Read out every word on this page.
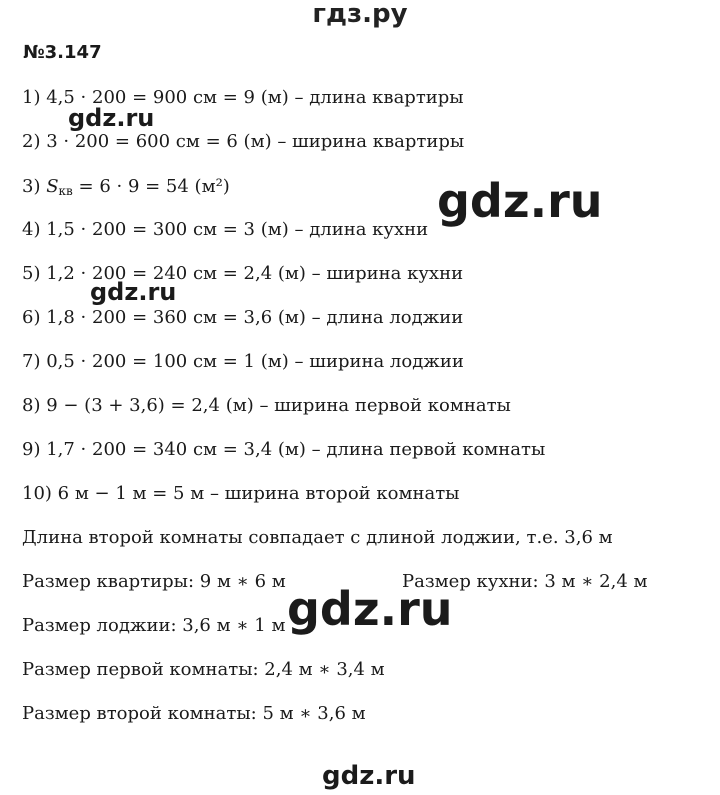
гдз.ру
№3.147
1) 4,5 · 200 = 900 см = 9 (м) – длина квартиры
2) 3 · 200 = 600 см = 6 (м) – ширина квартиры
3) Sкв = 6 · 9 = 54 (м²)
4) 1,5 · 200 = 300 см = 3 (м) – длина кухни
5) 1,2 · 200 = 240 см = 2,4 (м) – ширина кухни
6) 1,8 · 200 = 360 см = 3,6 (м) – длина лоджии
7) 0,5 · 200 = 100 см = 1 (м) – ширина лоджии
8) 9 − (3 + 3,6) = 2,4 (м) – ширина первой комнаты
9) 1,7 · 200 = 340 см = 3,4 (м) – длина первой комнаты
10) 6 м − 1 м = 5 м – ширина второй комнаты
Длина второй комнаты совпадает с длиной лоджии, т.е. 3,6 м
Размер квартиры: 9 м ∗ 6 м	Размер кухни: 3 м ∗ 2,4 м
Размер лоджии: 3,6 м ∗ 1 м
Размер первой комнаты: 2,4 м ∗ 3,4 м
Размер второй комнаты: 5 м ∗ 3,6 м
gdz.ru
gdz.ru
gdz.ru
gdz.ru
gdz.ru
